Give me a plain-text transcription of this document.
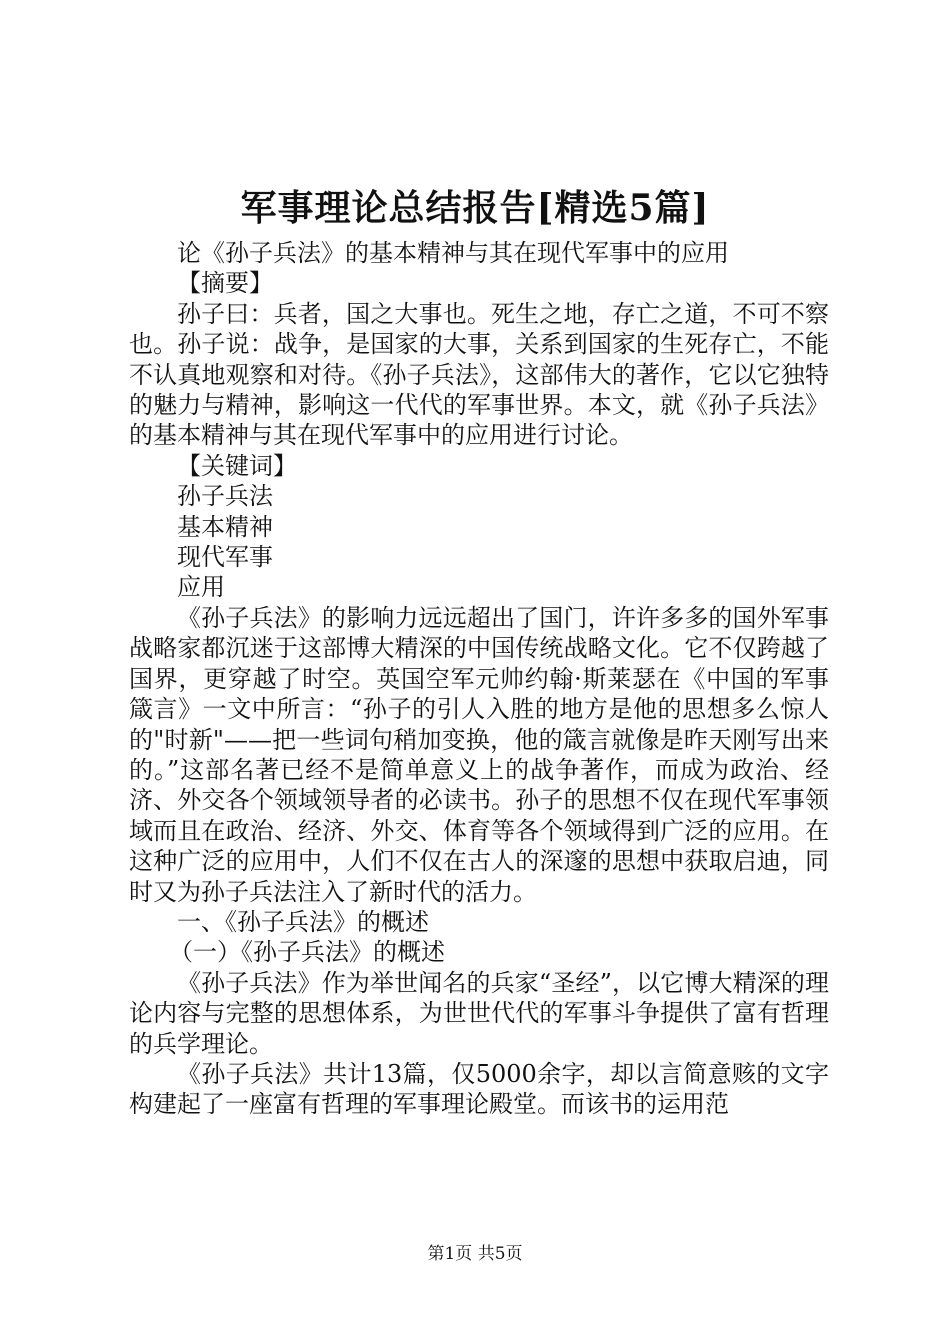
军事理论总结报告[精选5篇]

论《孙子兵法》的基本精神与其在现代军事中的应用

【摘要】

孙子曰：兵者，国之大事也。死生之地，存亡之道，不可不察也。孙子说：战争，是国家的大事，关系到国家的生死存亡，不能不认真地观察和对待。《孙子兵法》，这部伟大的著作，它以它独特的魅力与精神，影响这一代代的军事世界。本文，就《孙子兵法》的基本精神与其在现代军事中的应用进行讨论。

【关键词】

孙子兵法

基本精神

现代军事

应用

《孙子兵法》的影响力远远超出了国门，许许多多的国外军事战略家都沉迷于这部博大精深的中国传统战略文化。它不仅跨越了国界，更穿越了时空。英国空军元帅约翰·斯莱瑟在《中国的军事箴言》一文中所言：“孙子的引人入胜的地方是他的思想多么惊人的"时新"——把一些词句稍加变换，他的箴言就像是昨天刚写出来的。”这部名著已经不是简单意义上的战争著作，而成为政治、经济、外交各个领域领导者的必读书。孙子的思想不仅在现代军事领域而且在政治、经济、外交、体育等各个领域得到广泛的应用。在这种广泛的应用中，人们不仅在古人的深邃的思想中获取启迪，同时又为孙子兵法注入了新时代的活力。

一、《孙子兵法》的概述

（一）《孙子兵法》的概述

《孙子兵法》作为举世闻名的兵家“圣经”，以它博大精深的理论内容与完整的思想体系，为世世代代的军事斗争提供了富有哲理的兵学理论。

《孙子兵法》共计13篇，仅5000余字，却以言简意赅的文字构建起了一座富有哲理的军事理论殿堂。而该书的运用范

第1页 共5页
